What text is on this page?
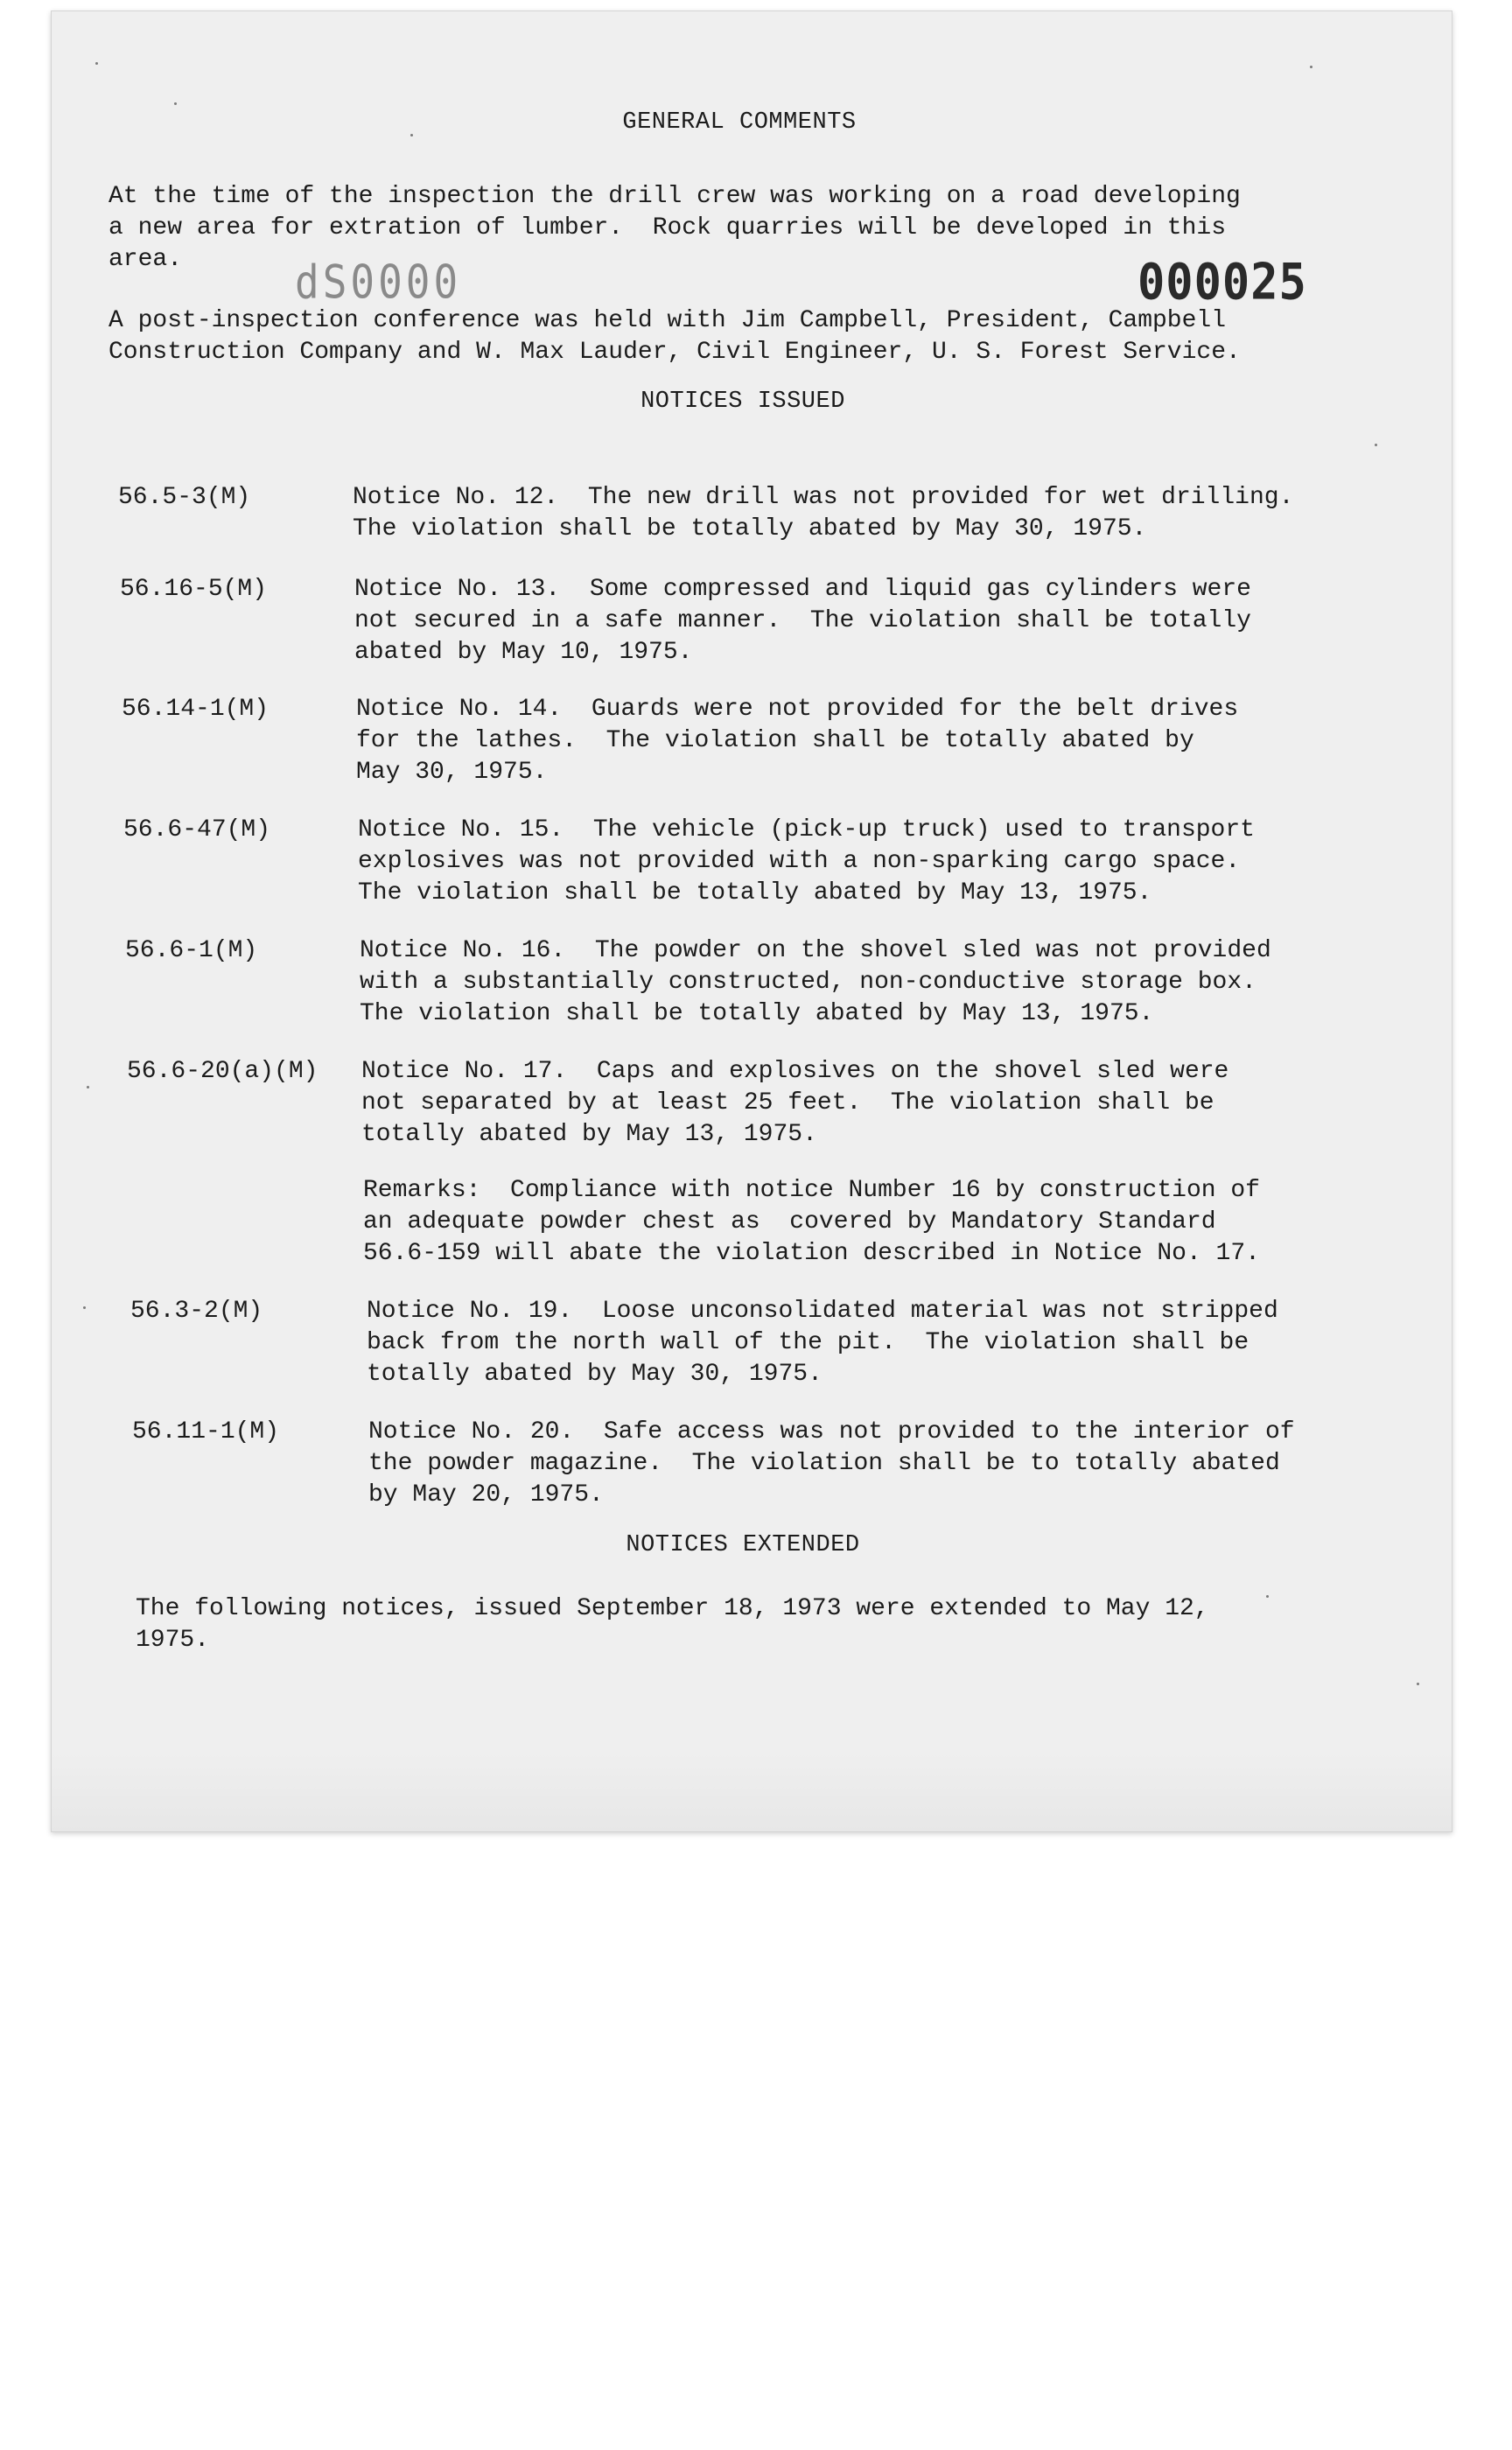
GENERAL COMMENTS

At the time of the inspection the drill crew was working on a road developing
a new area for extration of lumber.  Rock quarries will be developed in this
area.	dS0000	000025

A post-inspection conference was held with Jim Campbell, President, Campbell
Construction Company and W. Max Lauder, Civil Engineer, U. S. Forest Service.

NOTICES ISSUED
56.5-3(M)	Notice No. 12.  The new drill was not provided for wet drilling.
The violation shall be totally abated by May 30, 1975.

56.16-5(M)	Notice No. 13.  Some compressed and liquid gas cylinders were
not secured in a safe manner.  The violation shall be totally
abated by May 10, 1975.

56.14-1(M)	Notice No. 14.  Guards were not provided for the belt drives
for the lathes.  The violation shall be totally abated by
May 30, 1975.

56.6-47(M)	Notice No. 15.  The vehicle (pick-up truck) used to transport
explosives was not provided with a non-sparking cargo space.
The violation shall be totally abated by May 13, 1975.

56.6-1(M)	Notice No. 16.  The powder on the shovel sled was not provided
with a substantially constructed, non-conductive storage box.
The violation shall be totally abated by May 13, 1975.

56.6-20(a)(M) Notice No. 17.  Caps and explosives on the shovel sled were
not separated by at least 25 feet.  The violation shall be
totally abated by May 13, 1975.

Remarks:  Compliance with notice Number 16 by construction of
an adequate powder chest as  covered by Mandatory Standard
56.6-159 will abate the violation described in Notice No. 17.

56.3-2(M)	Notice No. 19.  Loose unconsolidated material was not stripped
back from the north wall of the pit.  The violation shall be
totally abated by May 30, 1975.

56.11-1(M)	Notice No. 20.  Safe access was not provided to the interior of
the powder magazine.  The violation shall be to totally abated
by May 20, 1975.

NOTICES EXTENDED

The following notices, issued September 18, 1973 were extended to May 12,
1975.
